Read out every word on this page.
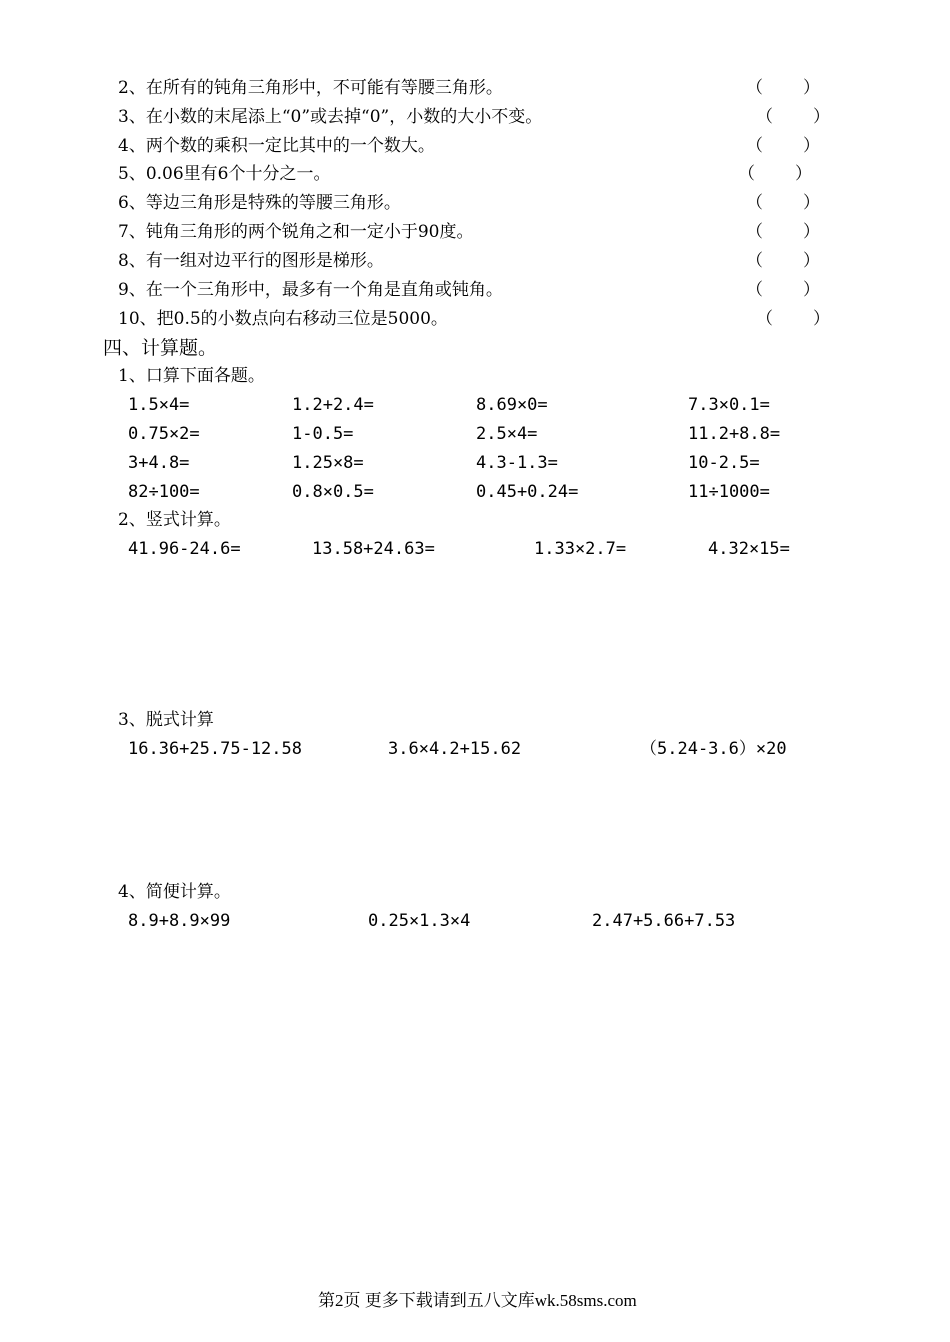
2、在所有的钝角三角形中，不可能有等腰三角形。	（ ）
3、在小数的末尾添上“0”或去掉“0”，小数的大小不变。	（ ）
4、两个数的乘积一定比其中的一个数大。	（ ）
5、0.06里有6个十分之一。	（ ）
6、等边三角形是特殊的等腰三角形。	（ ）
7、钝角三角形的两个锐角之和一定小于90度。	（ ）
8、有一组对边平行的图形是梯形。	（ ）
9、在一个三角形中，最多有一个角是直角或钝角。	（ ）
10、把0.5的小数点向右移动三位是5000。	（ ）
四、计算题。
1、口算下面各题。
1.5×4=	1.2+2.4=	8.69×0=	7.3×0.1=
0.75×2=	1-0.5=	2.5×4=	11.2+8.8=
3+4.8=	1.25×8=	4.3-1.3=	10-2.5=
82÷100=	0.8×0.5=	0.45+0.24=	11÷1000=
2、竖式计算。
41.96-24.6=	13.58+24.63=	1.33×2.7=	4.32×15=
3、脱式计算
16.36+25.75-12.58	3.6×4.2+15.62	（5.24-3.6）×20
4、简便计算。
8.9+8.9×99	0.25×1.3×4	2.47+5.66+7.53
第2页 更多下载请到五八文库wk.58sms.com
